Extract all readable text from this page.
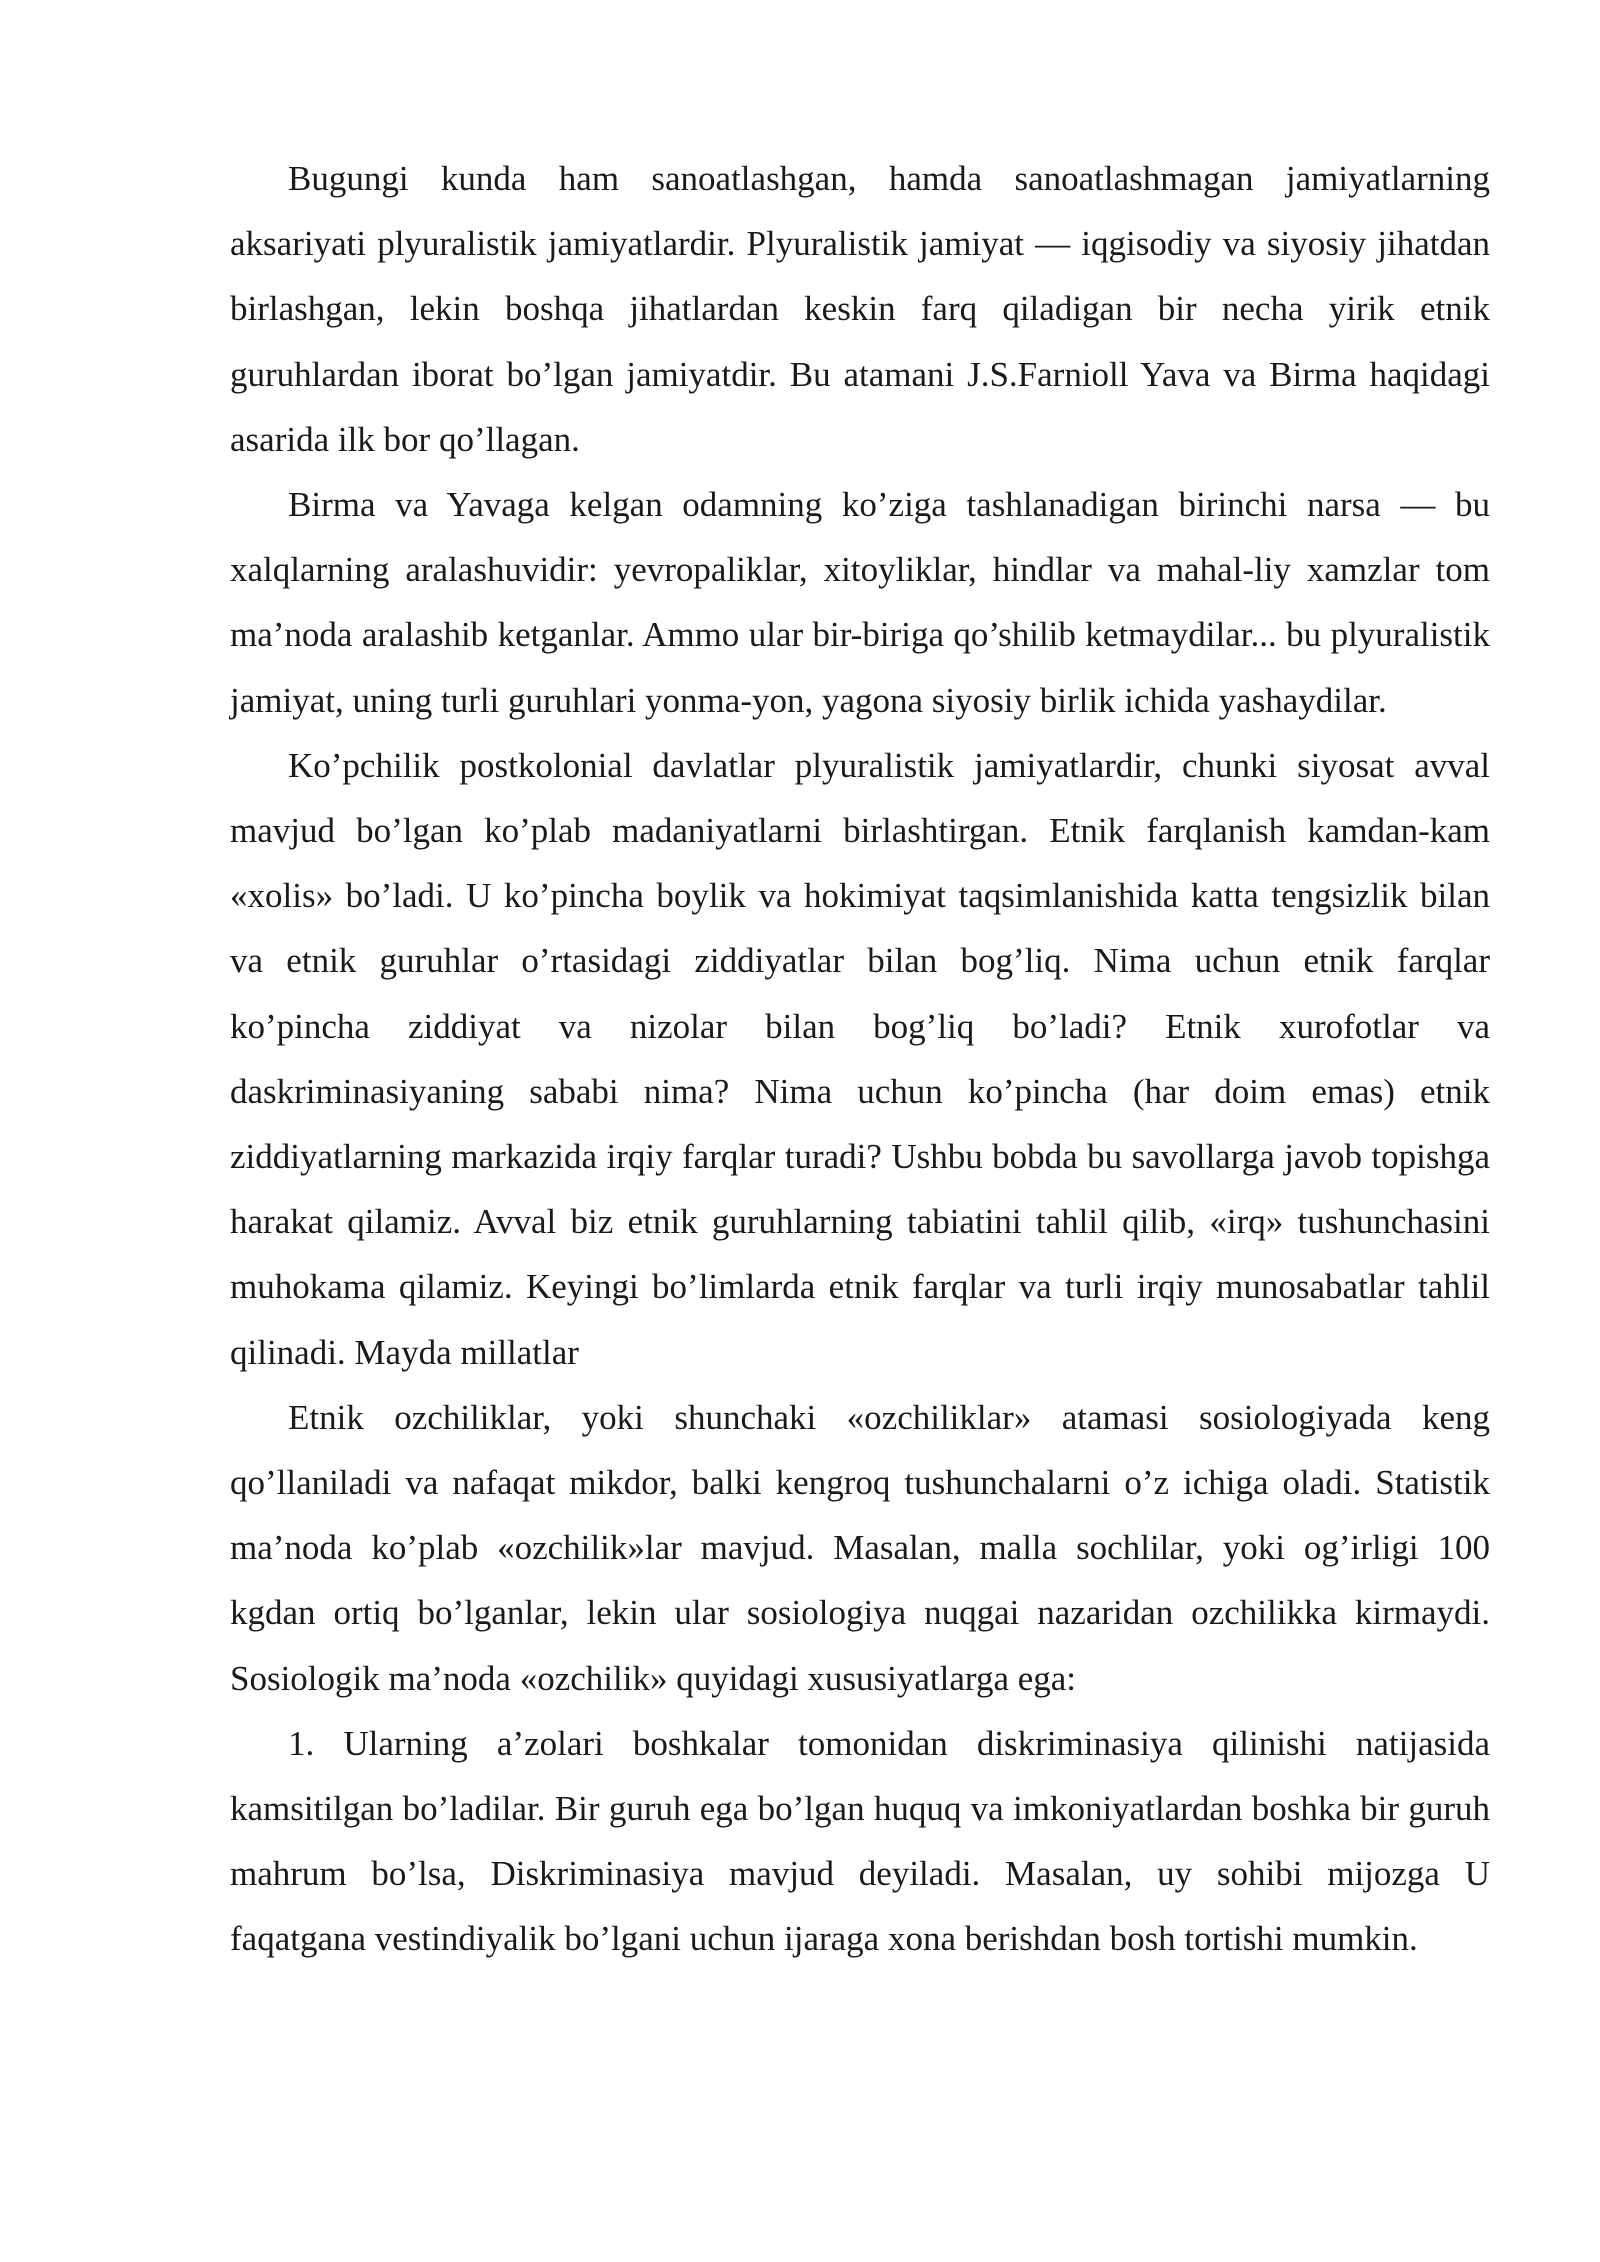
Bugungi kunda ham sanoatlashgan, hamda sanoatlashmagan jamiyatlarning aksariyati plyuralistik jamiyatlardir. Plyuralistik jamiyat — iqgisodiy va siyosiy jihatdan birlashgan, lekin boshqa jihatlardan keskin farq qiladigan bir necha yirik etnik guruhlardan iborat bo’lgan jamiyatdir. Bu atamani J.S.Farnioll Yava va Birma haqidagi asarida ilk bor qo’llagan.

Birma va Yavaga kelgan odamning ko’ziga tashlanadigan birinchi narsa — bu xalqlarning aralashuvidir: yevropaliklar, xitoyliklar, hindlar va mahal-liy xamzlar tom ma’noda aralashib ketganlar. Ammo ular bir-biriga qo’shilib ketmaydilar... bu plyuralistik jamiyat, uning turli guruhlari yonma-yon, yagona siyosiy birlik ichida yashaydilar.

Ko’pchilik postkolonial davlatlar plyuralistik jamiyatlardir, chunki siyosat avval mavjud bo’lgan ko’plab madaniyatlarni birlashtirgan. Etnik farqlanish kamdan-kam «xolis» bo’ladi. U ko’pincha boylik va hokimiyat taqsimlanishida katta tengsizlik bilan va etnik guruhlar o’rtasidagi ziddiyatlar bilan bog’liq. Nima uchun etnik farqlar ko’pincha ziddiyat va nizolar bilan bog’liq bo’ladi? Etnik xurofotlar va daskriminasiyaning sababi nima? Nima uchun ko’pincha (har doim emas) etnik ziddiyatlarning markazida irqiy farqlar turadi? Ushbu bobda bu savollarga javob topishga harakat qilamiz. Avval biz etnik guruhlarning tabiatini tahlil qilib, «irq» tushunchasini muhokama qilamiz. Keyingi bo’limlarda etnik farqlar va turli irqiy munosabatlar tahlil qilinadi. Mayda millatlar

Etnik ozchiliklar, yoki shunchaki «ozchiliklar» atamasi sosiologiyada keng qo’llaniladi va nafaqat mikdor, balki kengroq tushunchalarni o’z ichiga oladi. Statistik ma’noda ko’plab «ozchilik»lar mavjud. Masalan, malla sochlilar, yoki og’irligi 100 kgdan ortiq bo’lganlar, lekin ular sosiologiya nuqgai nazaridan ozchilikka kirmaydi. Sosiologik ma’noda «ozchilik» quyidagi xususiyatlarga ega:

1. Ularning a’zolari boshkalar tomonidan diskriminasiya qilinishi natijasida kamsitilgan bo’ladilar. Bir guruh ega bo’lgan huquq va imkoniyatlardan boshka bir guruh mahrum bo’lsa, Diskriminasiya mavjud deyiladi. Masalan, uy sohibi mijozga U faqatgana vestindiyalik bo’lgani uchun ijaraga xona berishdan bosh tortishi mumkin.
